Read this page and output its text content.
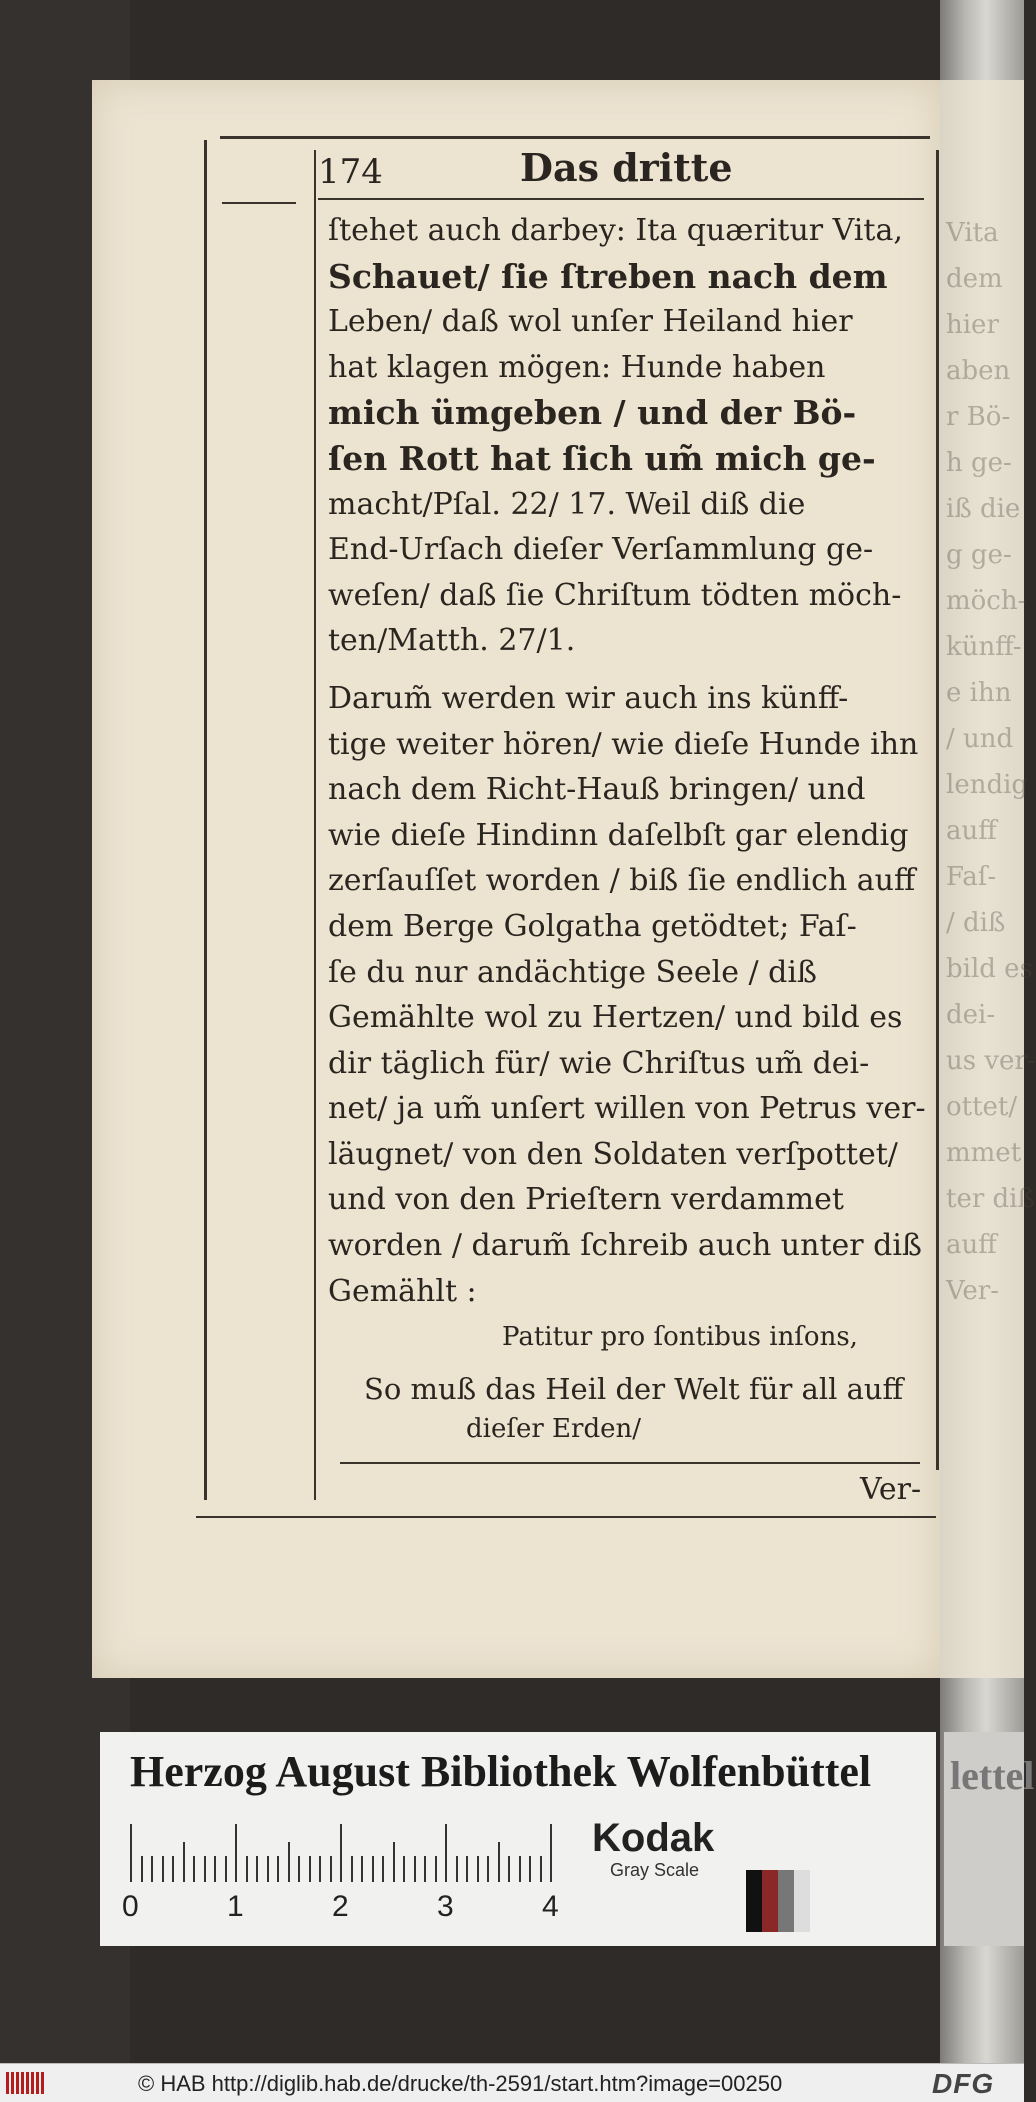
Vita
dem
hier
aben
r Bö-
h ge-
iß die
g ge-
möch-
künff-
e ihn
/ und
lendig
auff
Faſ-
/ diß
bild es
dei-
us ver-
ottet/
mmet
ter diß
auff
Ver-
174	Das dritte
ſtehet auch darbey: Ita quæritur Vita,
Schauet/ ſie ſtreben nach dem
Leben/ daß wol unſer Heiland hier
hat klagen mögen: Hunde haben
mich ümgeben / und der Bö-
ſen Rott hat ſich um̃ mich ge-
macht/Pſal. 22/ 17. Weil diß die
End-Urſach dieſer Verſammlung ge-
weſen/ daß ſie Chriſtum tödten möch-
ten/Matth. 27/1.
Darum̃ werden wir auch ins künff-
tige weiter hören/ wie dieſe Hunde ihn
nach dem Richt-Hauß bringen/ und
wie dieſe Hindinn daſelbſt gar elendig
zerſauſſet worden / biß ſie endlich auff
dem Berge Golgatha getödtet; Faſ-
ſe du nur andächtige Seele / diß
Gemählte wol zu Hertzen/ und bild es
dir täglich für/ wie Chriſtus um̃ dei-
net/ ja um̃ unſert willen von Petrus ver-
läugnet/ von den Soldaten verſpottet/
und von den Prieſtern verdammet
worden / darum̃ ſchreib auch unter diß
Gemählt :
Patitur pro ſontibus inſons,
So muß das Heil der Welt für all auff
dieſer Erden/
Ver-
Herzog August Bibliothek Wolfenbüttel
0	1	2	3	4
Kodak
Gray Scale
lettel
© HAB http://diglib.hab.de/drucke/th-2591/start.htm?image=00250	DFG
